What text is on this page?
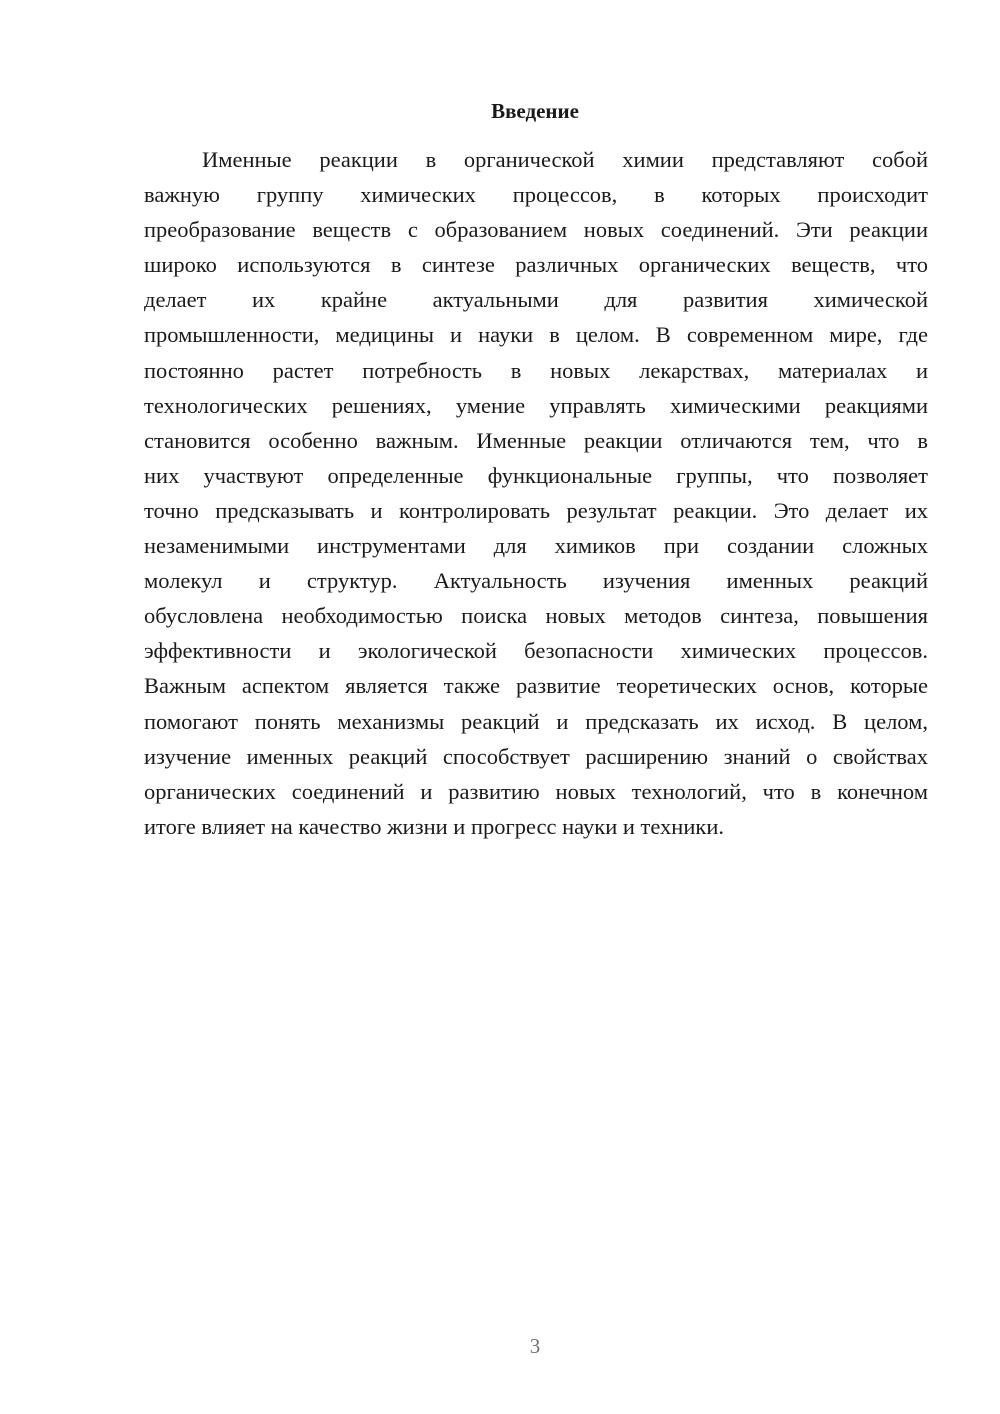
Введение
Именные реакции в органической химии представляют собой
важную группу химических процессов, в которых происходит
преобразование веществ с образованием новых соединений. Эти реакции
широко используются в синтезе различных органических веществ, что
делает их крайне актуальными для развития химической
промышленности, медицины и науки в целом. В современном мире, где
постоянно растет потребность в новых лекарствах, материалах и
технологических решениях, умение управлять химическими реакциями
становится особенно важным. Именные реакции отличаются тем, что в
них участвуют определенные функциональные группы, что позволяет
точно предсказывать и контролировать результат реакции. Это делает их
незаменимыми инструментами для химиков при создании сложных
молекул и структур. Актуальность изучения именных реакций
обусловлена необходимостью поиска новых методов синтеза, повышения
эффективности и экологической безопасности химических процессов.
Важным аспектом является также развитие теоретических основ, которые
помогают понять механизмы реакций и предсказать их исход. В целом,
изучение именных реакций способствует расширению знаний о свойствах
органических соединений и развитию новых технологий, что в конечном
итоге влияет на качество жизни и прогресс науки и техники.
3
